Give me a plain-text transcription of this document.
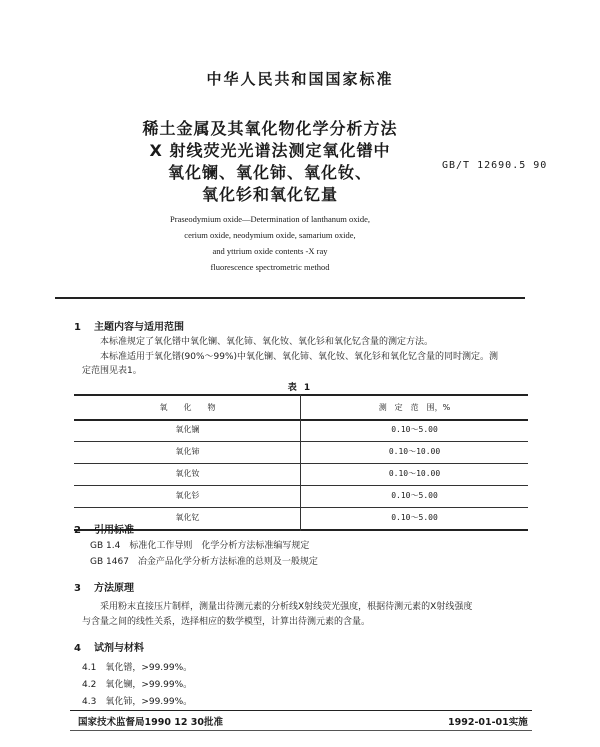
中华人民共和国国家标准
稀土金属及其氧化物化学分析方法
X 射线荧光光谱法测定氧化镨中
氧化镧、氧化铈、氧化钕、
氧化钐和氧化钇量
GB/T 12690.5 90
Praseodymium oxide—Determination of lanthanum oxide,
cerium oxide, neodymium oxide, samarium oxide,
and yttrium oxide contents -X ray
fluorescence spectrometric method
1 主题内容与适用范围
本标准规定了氧化镨中氧化镧、氧化铈、氧化钕、氧化钐和氧化钇含量的测定方法。
本标准适用于氧化镨(90%～99%)中氧化镧、氧化铈、氧化钕、氧化钐和氧化钇含量的同时测定。测
定范围见表1。
表 1
氧　　化　　物	测　定　范　围，%
氧化镧	0.10～5.00
氧化铈	0.10～10.00
氧化钕	0.10～10.00
氧化钐	0.10～5.00
氧化钇	0.10～5.00
2 引用标准
GB 1.4　标准化工作导则　化学分析方法标准编写规定
GB 1467　冶金产品化学分析方法标准的总则及一般规定
3 方法原理
采用粉末直接压片制样，测量出待测元素的分析线X射线荧光强度，根据待测元素的X射线强度
与含量之间的线性关系，选择相应的数学模型，计算出待测元素的含量。
4 试剂与材料
4.1　氧化镨，>99.99%。
4.2　氧化镧，>99.99%。
4.3　氧化铈，>99.99%。
国家技术监督局1990 12 30批准	1992-01-01实施
